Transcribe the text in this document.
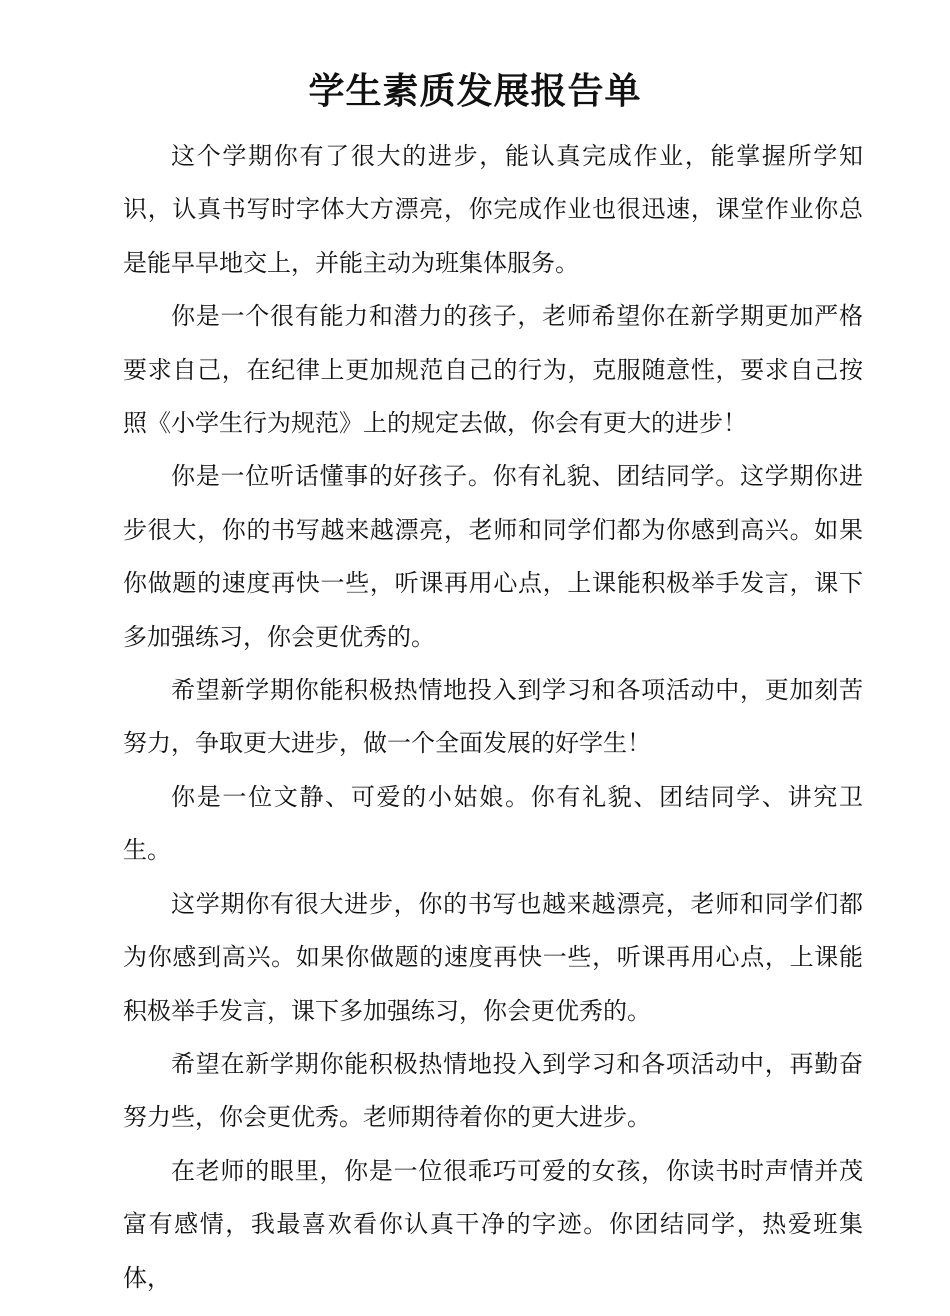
学生素质发展报告单

这个学期你有了很大的进步，能认真完成作业，能掌握所学知识，认真书写时字体大方漂亮，你完成作业也很迅速，课堂作业你总是能早早地交上，并能主动为班集体服务。

你是一个很有能力和潜力的孩子，老师希望你在新学期更加严格要求自己，在纪律上更加规范自己的行为，克服随意性，要求自己按照《小学生行为规范》上的规定去做，你会有更大的进步！

你是一位听话懂事的好孩子。你有礼貌、团结同学。这学期你进步很大，你的书写越来越漂亮，老师和同学们都为你感到高兴。如果你做题的速度再快一些，听课再用心点，上课能积极举手发言，课下多加强练习，你会更优秀的。

希望新学期你能积极热情地投入到学习和各项活动中，更加刻苦努力，争取更大进步，做一个全面发展的好学生！

你是一位文静、可爱的小姑娘。你有礼貌、团结同学、讲究卫生。

这学期你有很大进步，你的书写也越来越漂亮，老师和同学们都为你感到高兴。如果你做题的速度再快一些，听课再用心点，上课能积极举手发言，课下多加强练习，你会更优秀的。

希望在新学期你能积极热情地投入到学习和各项活动中，再勤奋努力些，你会更优秀。老师期待着你的更大进步。

在老师的眼里，你是一位很乖巧可爱的女孩，你读书时声情并茂富有感情，我最喜欢看你认真干净的字迹。你团结同学，热爱班集体，
